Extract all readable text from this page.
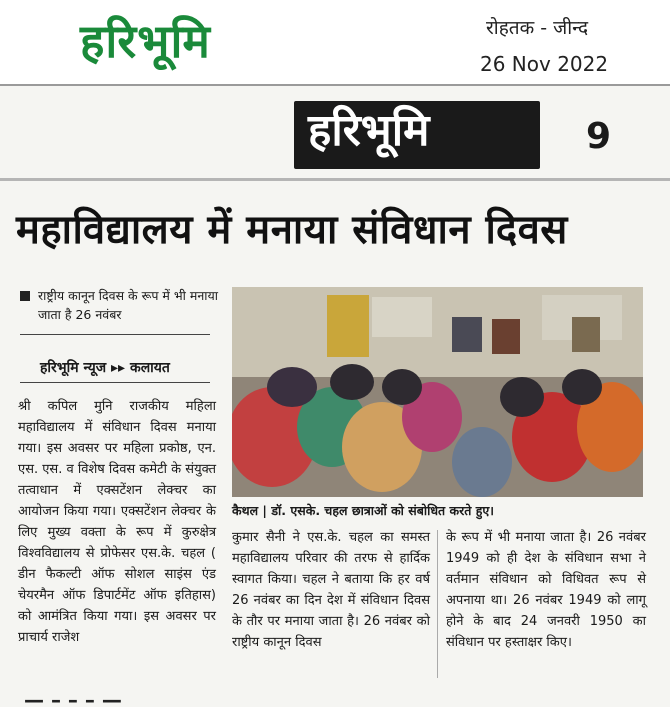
हरिभूमि	रोहतक - जीन्द
26 Nov 2022
हरिभूमि	9
महाविद्यालय में मनाया संविधान दिवस
राष्ट्रीय कानून दिवस के रूप में भी मनाया जाता है 26 नवंबर
हरिभूमि न्यूज ▸▸ कलायत
श्री कपिल मुनि राजकीय महिला महाविद्यालय में संविधान दिवस मनाया गया। इस अवसर पर महिला प्रकोष्ठ, एन. एस. एस. व विशेष दिवस कमेटी के संयुक्त तत्वाधान में एक्सटेंशन लेक्चर का आयोजन किया गया। एक्सटेंशन लेक्चर के लिए मुख्य वक्ता के रूप में कुरुक्षेत्र विश्वविद्यालय से प्रोफेसर एस.के. चहल ( डीन फैकल्टी ऑफ सोशल साइंस एंड चेयरमैन ऑफ डिपार्टमेंट ऑफ इतिहास) को आमंत्रित किया गया। इस अवसर पर प्राचार्य राजेश
कैथल | डॉ. एसके. चहल छात्राओं को संबोधित करते हुए।
कुमार सैनी ने एस.के. चहल का समस्त महाविद्यालय परिवार की तरफ से हार्दिक स्वागत किया। चहल ने बताया कि हर वर्ष 26 नवंबर का दिन देश में संविधान दिवस के तौर पर मनाया जाता है। 26 नवंबर को राष्ट्रीय कानून दिवस
के रूप में भी मनाया जाता है। 26 नवंबर 1949 को ही देश के संविधान सभा ने वर्तमान संविधान को विधिवत रूप से अपनाया था। 26 नवंबर 1949 को लागू होने के बाद 24 जनवरी 1950 का संविधान पर हस्ताक्षर किए।
— – – – —
